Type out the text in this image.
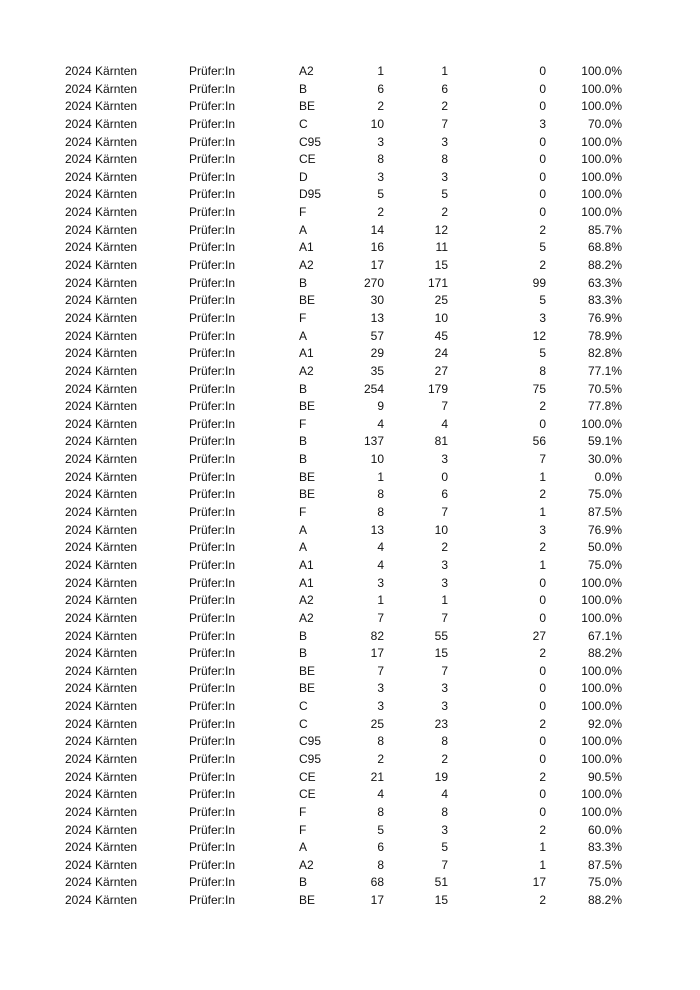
2024 Kärnten	Prüfer:In	A2	1	1	0	100.0%
2024 Kärnten	Prüfer:In	B	6	6	0	100.0%
2024 Kärnten	Prüfer:In	BE	2	2	0	100.0%
2024 Kärnten	Prüfer:In	C	10	7	3	70.0%
2024 Kärnten	Prüfer:In	C95	3	3	0	100.0%
2024 Kärnten	Prüfer:In	CE	8	8	0	100.0%
2024 Kärnten	Prüfer:In	D	3	3	0	100.0%
2024 Kärnten	Prüfer:In	D95	5	5	0	100.0%
2024 Kärnten	Prüfer:In	F	2	2	0	100.0%
2024 Kärnten	Prüfer:In	A	14	12	2	85.7%
2024 Kärnten	Prüfer:In	A1	16	11	5	68.8%
2024 Kärnten	Prüfer:In	A2	17	15	2	88.2%
2024 Kärnten	Prüfer:In	B	270	171	99	63.3%
2024 Kärnten	Prüfer:In	BE	30	25	5	83.3%
2024 Kärnten	Prüfer:In	F	13	10	3	76.9%
2024 Kärnten	Prüfer:In	A	57	45	12	78.9%
2024 Kärnten	Prüfer:In	A1	29	24	5	82.8%
2024 Kärnten	Prüfer:In	A2	35	27	8	77.1%
2024 Kärnten	Prüfer:In	B	254	179	75	70.5%
2024 Kärnten	Prüfer:In	BE	9	7	2	77.8%
2024 Kärnten	Prüfer:In	F	4	4	0	100.0%
2024 Kärnten	Prüfer:In	B	137	81	56	59.1%
2024 Kärnten	Prüfer:In	B	10	3	7	30.0%
2024 Kärnten	Prüfer:In	BE	1	0	1	0.0%
2024 Kärnten	Prüfer:In	BE	8	6	2	75.0%
2024 Kärnten	Prüfer:In	F	8	7	1	87.5%
2024 Kärnten	Prüfer:In	A	13	10	3	76.9%
2024 Kärnten	Prüfer:In	A	4	2	2	50.0%
2024 Kärnten	Prüfer:In	A1	4	3	1	75.0%
2024 Kärnten	Prüfer:In	A1	3	3	0	100.0%
2024 Kärnten	Prüfer:In	A2	1	1	0	100.0%
2024 Kärnten	Prüfer:In	A2	7	7	0	100.0%
2024 Kärnten	Prüfer:In	B	82	55	27	67.1%
2024 Kärnten	Prüfer:In	B	17	15	2	88.2%
2024 Kärnten	Prüfer:In	BE	7	7	0	100.0%
2024 Kärnten	Prüfer:In	BE	3	3	0	100.0%
2024 Kärnten	Prüfer:In	C	3	3	0	100.0%
2024 Kärnten	Prüfer:In	C	25	23	2	92.0%
2024 Kärnten	Prüfer:In	C95	8	8	0	100.0%
2024 Kärnten	Prüfer:In	C95	2	2	0	100.0%
2024 Kärnten	Prüfer:In	CE	21	19	2	90.5%
2024 Kärnten	Prüfer:In	CE	4	4	0	100.0%
2024 Kärnten	Prüfer:In	F	8	8	0	100.0%
2024 Kärnten	Prüfer:In	F	5	3	2	60.0%
2024 Kärnten	Prüfer:In	A	6	5	1	83.3%
2024 Kärnten	Prüfer:In	A2	8	7	1	87.5%
2024 Kärnten	Prüfer:In	B	68	51	17	75.0%
2024 Kärnten	Prüfer:In	BE	17	15	2	88.2%
